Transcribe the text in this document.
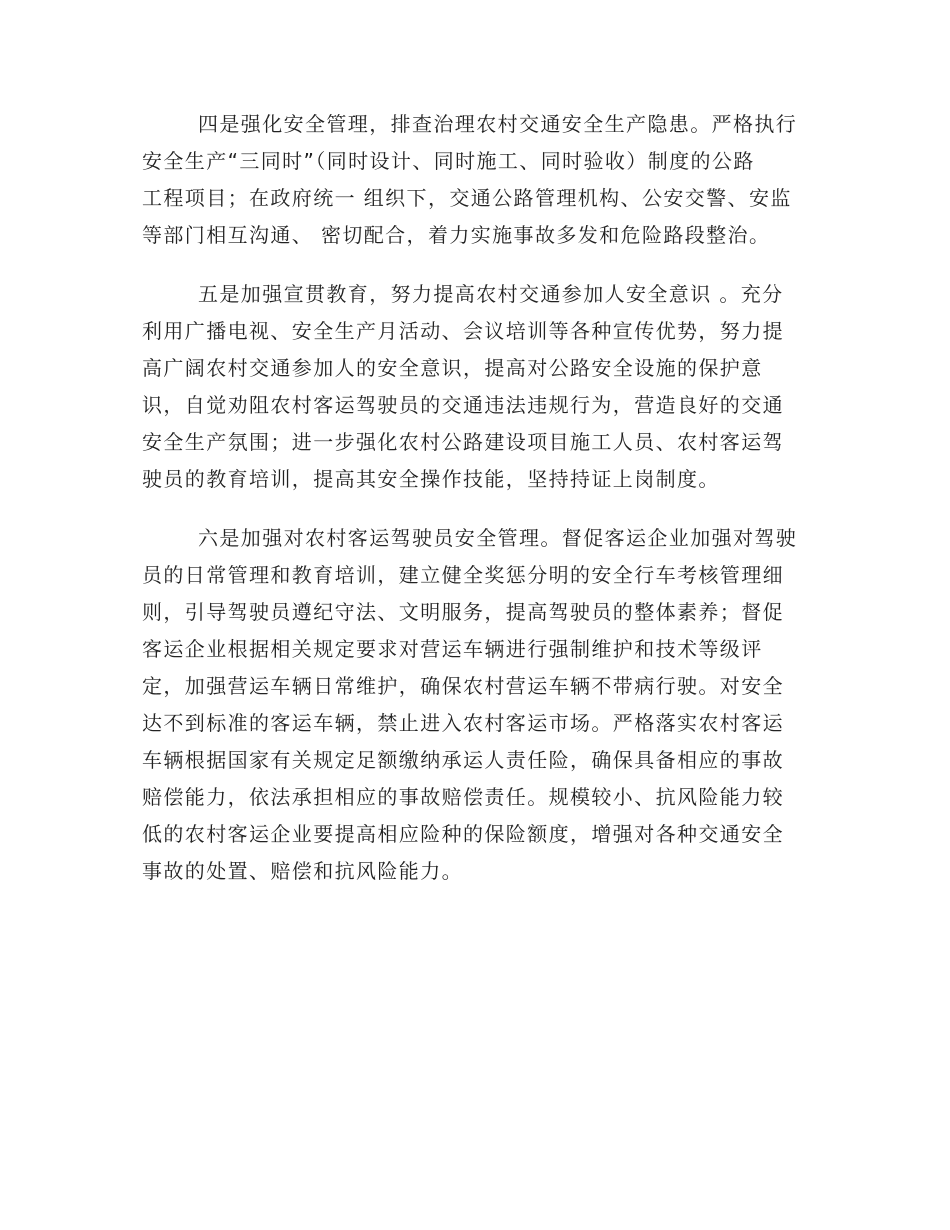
四是强化安全管理，排查治理农村交通安全生产隐患。严格执行
安全生产“三同时”（同时设计、同时施工、同时验收）制度的公路
工程项目；在政府统一 组织下，交通公路管理机构、公安交警、安监
等部门相互沟通、 密切配合，着力实施事故多发和危险路段整治。

五是加强宣贯教育，努力提高农村交通参加人安全意识 。充分
利用广播电视、安全生产月活动、会议培训等各种宣传优势，努力提
高广阔农村交通参加人的安全意识，提高对公路安全设施的保护意
识，自觉劝阻农村客运驾驶员的交通违法违规行为，营造良好的交通
安全生产氛围；进一步强化农村公路建设项目施工人员、农村客运驾
驶员的教育培训，提高其安全操作技能，坚持持证上岗制度。

六是加强对农村客运驾驶员安全管理。督促客运企业加强对驾驶
员的日常管理和教育培训，建立健全奖惩分明的安全行车考核管理细
则，引导驾驶员遵纪守法、文明服务，提高驾驶员的整体素养；督促
客运企业根据相关规定要求对营运车辆进行强制维护和技术等级评
定，加强营运车辆日常维护，确保农村营运车辆不带病行驶。对安全
达不到标准的客运车辆，禁止进入农村客运市场。严格落实农村客运
车辆根据国家有关规定足额缴纳承运人责任险，确保具备相应的事故
赔偿能力，依法承担相应的事故赔偿责任。规模较小、抗风险能力较
低的农村客运企业要提高相应险种的保险额度，增强对各种交通安全
事故的处置、赔偿和抗风险能力。
